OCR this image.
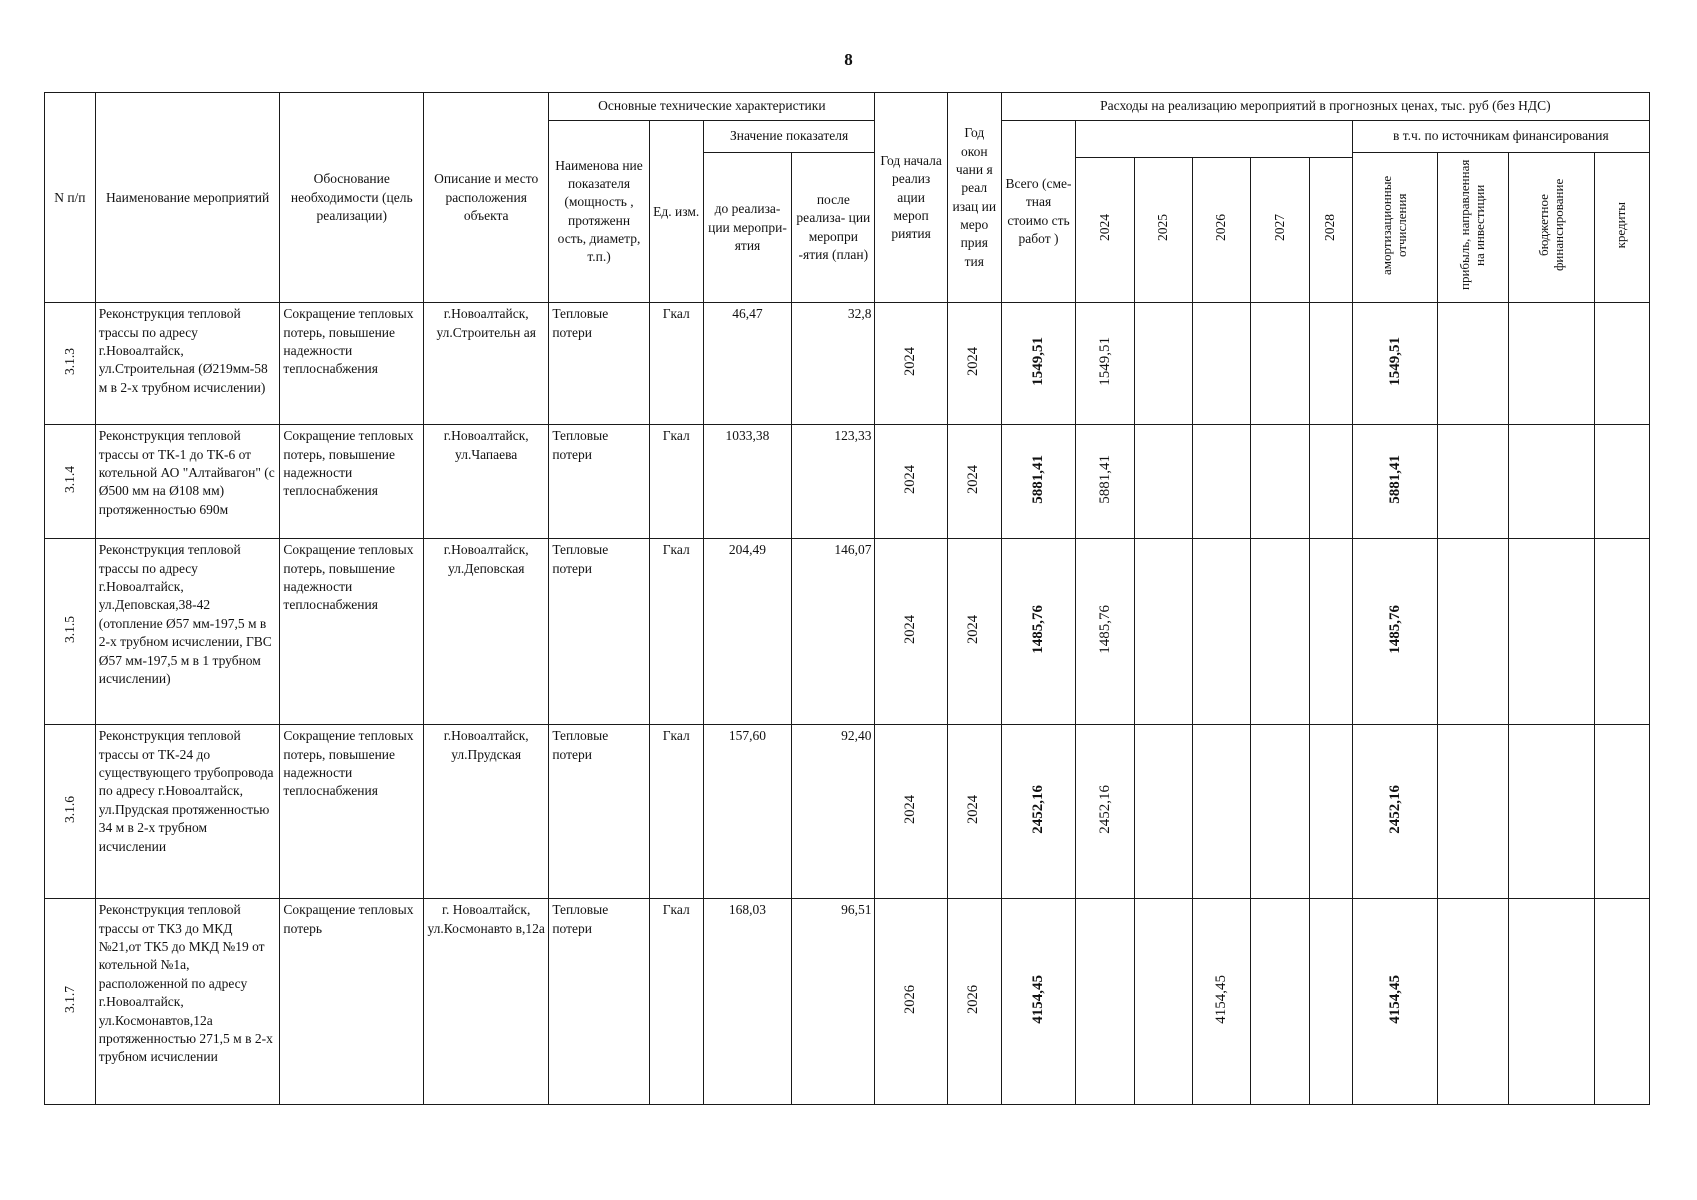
8
N п/п	Наименование мероприятий	Обоснование необходимости (цель реализации)	Описание и место расположения объекта	Основные технические характеристики				Год начала реализ ации мероп риятия	Год окон чани я реал изац ии меро прия тия	Расходы на реализацию мероприятий в прогнозных ценах, тыс. руб (без НДС)									
				Наименова ние показателя (мощность , протяженн ость, диаметр, т.п.)	Ед. изм.	Значение показателя				Всего (сме- тная стоимо сть работ )						в т.ч. по источникам финансирования			
						до реализа- ции меропри- ятия	после реализа- ции меропри -ятия (план)									амортизационные отчисления	прибыль, направленная на инвестиции	бюджетное финансирование	кредиты
											2024	2025	2026	2027	2028				
3.1.3	Реконструкция тепловой трассы по адресу г.Новоалтайск, ул.Строительная (Ø219мм-58 м в 2-х трубном исчислении)	Сокращение тепловых потерь, повышение надежности теплоснабжения	г.Новоалтайск, ул.Строительн ая	Тепловые потери	Гкал	46,47	32,8	2024	2024	1549,51	1549,51					1549,51			
3.1.4	Реконструкция тепловой трассы от ТК-1 до ТК-6 от котельной АО "Алтайвагон" (с Ø500 мм на Ø108 мм) протяженностью 690м	Сокращение тепловых потерь, повышение надежности теплоснабжения	г.Новоалтайск, ул.Чапаева	Тепловые потери	Гкал	1033,38	123,33	2024	2024	5881,41	5881,41					5881,41			
3.1.5	Реконструкция тепловой трассы по адресу г.Новоалтайск, ул.Деповская,38-42 (отопление Ø57 мм-197,5 м в 2-х трубном исчислении, ГВС Ø57 мм-197,5 м в 1 трубном исчислении)	Сокращение тепловых потерь, повышение надежности теплоснабжения	г.Новоалтайск, ул.Деповская	Тепловые потери	Гкал	204,49	146,07	2024	2024	1485,76	1485,76					1485,76			
3.1.6	Реконструкция тепловой трассы от ТК-24 до существующего трубопровода по адресу г.Новоалтайск, ул.Прудская протяженностью 34 м в 2-х трубном исчислении	Сокращение тепловых потерь, повышение надежности теплоснабжения	г.Новоалтайск, ул.Прудская	Тепловые потери	Гкал	157,60	92,40	2024	2024	2452,16	2452,16					2452,16			
3.1.7	Реконструкция тепловой трассы от ТК3 до МКД №21,от ТК5 до МКД №19 от котельной №1а, расположенной по адресу г.Новоалтайск, ул.Космонавтов,12а протяженностью 271,5 м в 2-х трубном исчислении	Сокращение тепловых потерь	г. Новоалтайск, ул.Космонавто в,12а	Тепловые потери	Гкал	168,03	96,51	2026	2026	4154,45			4154,45			4154,45			
